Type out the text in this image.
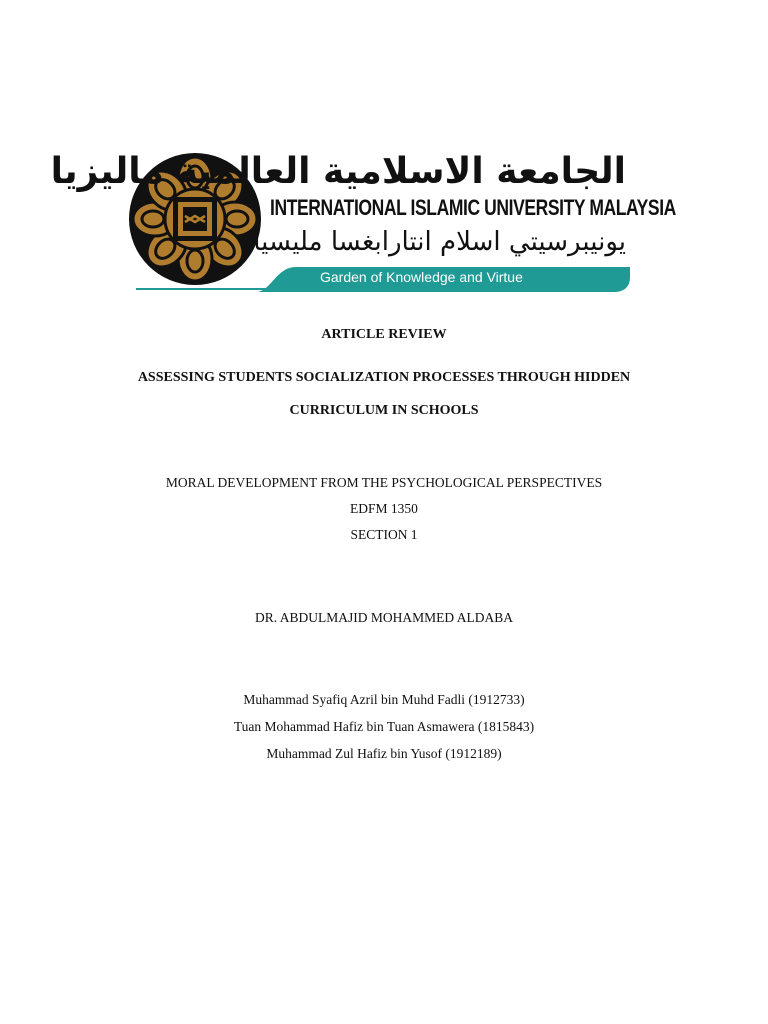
الجامعة الاسلامية العالمية ماليزيا
INTERNATIONAL ISLAMIC UNIVERSITY MALAYSIA
يونيبرسيتي اسلام انتارابغسا مليسيا
Garden of Knowledge and Virtue
ARTICLE REVIEW
ASSESSING STUDENTS SOCIALIZATION PROCESSES THROUGH HIDDEN
CURRICULUM IN SCHOOLS
MORAL DEVELOPMENT FROM THE PSYCHOLOGICAL PERSPECTIVES
EDFM 1350
SECTION 1
DR. ABDULMAJID MOHAMMED ALDABA
Muhammad Syafiq Azril bin Muhd Fadli (1912733)
Tuan Mohammad Hafiz bin Tuan Asmawera (1815843)
Muhammad Zul Hafiz bin Yusof (1912189)
